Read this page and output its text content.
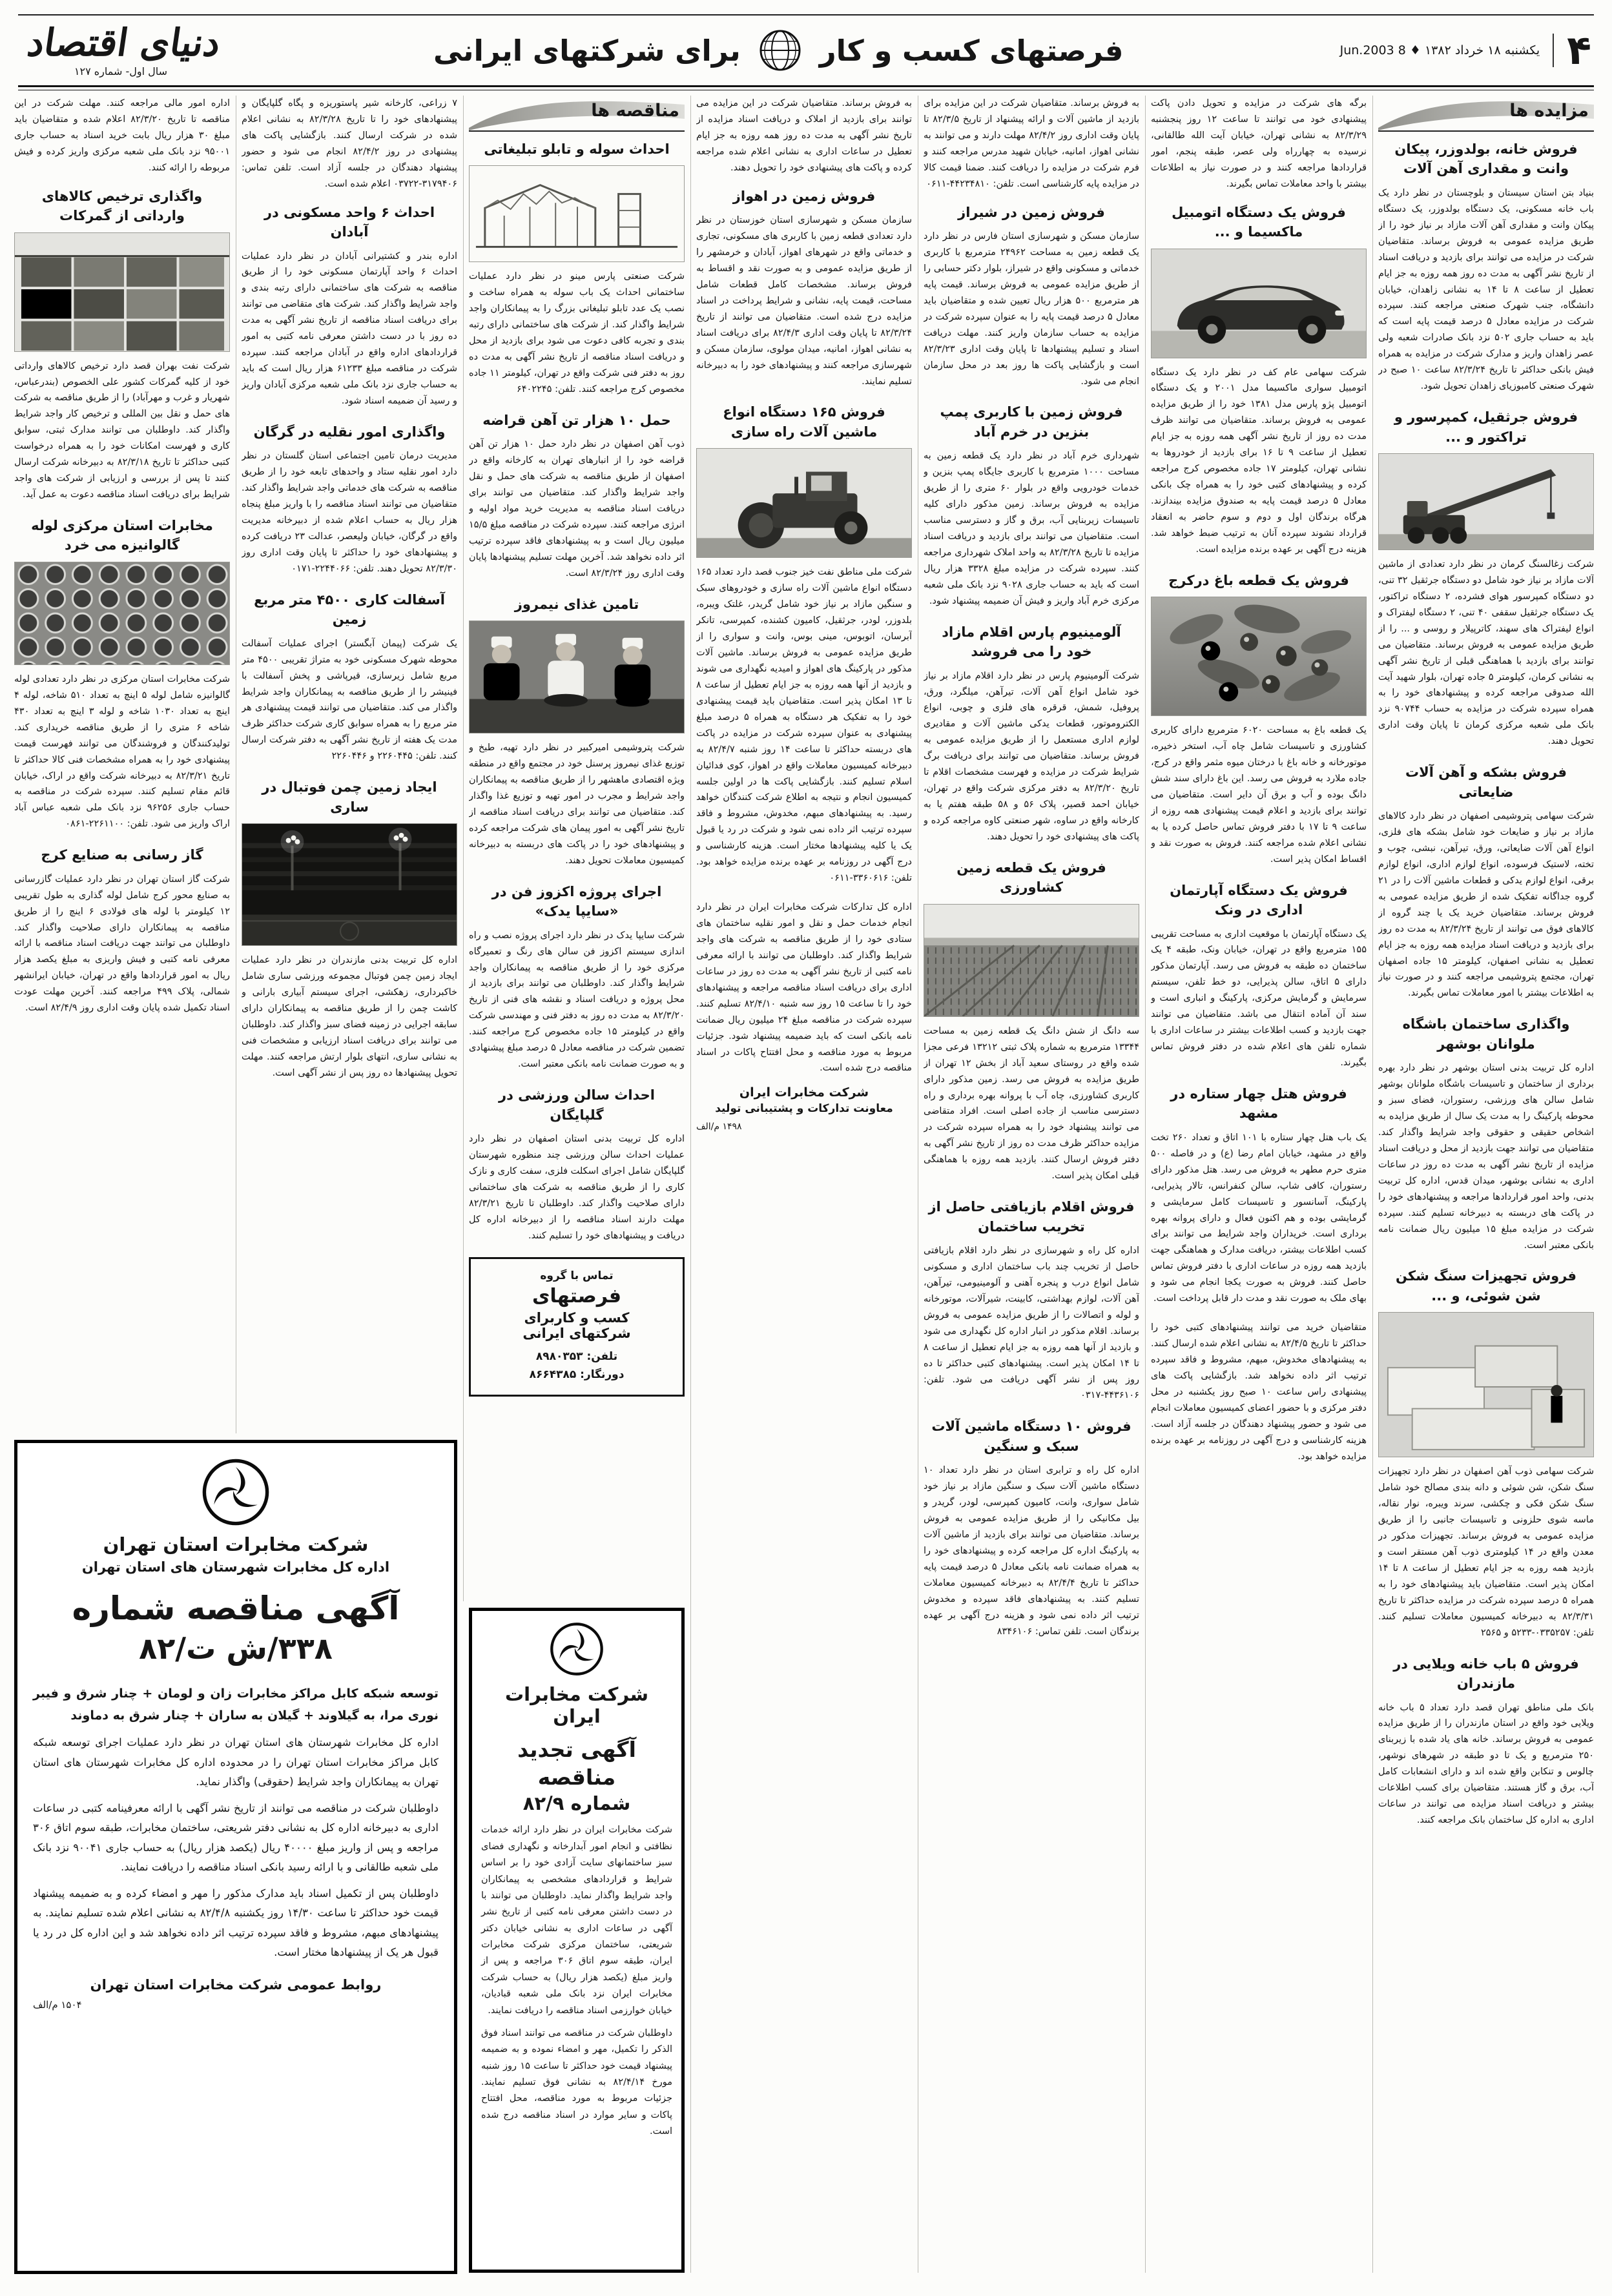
۴
یکشنبه ۱۸ خرداد ۱۳۸۲ ♦ 8 Jun.2003
فرصتهای کسب و کار
برای شرکتهای ایرانی
دنیای اقتصاد
سال اول- شماره ۱۲۷
مزایده ها
فروش خانه، بولدوزر، پیکان وانت و مقداری آهن آلات

بنیاد بتن استان سیستان و بلوچستان در نظر دارد یک باب خانه مسکونی، یک دستگاه بولدوزر، یک دستگاه پیکان وانت و مقداری آهن آلات مازاد بر نیاز خود را از طریق مزایده عمومی به فروش برساند. متقاضیان شرکت در مزایده می توانند برای بازدید و دریافت اسناد از تاریخ نشر آگهی به مدت ده روز همه روزه به جز ایام تعطیل از ساعت ۸ تا ۱۴ به نشانی زاهدان، خیابان دانشگاه، جنب شهرک صنعتی مراجعه کنند. سپرده شرکت در مزایده معادل ۵ درصد قیمت پایه است که باید به حساب جاری ۵۰۲ نزد بانک صادرات شعبه ولی عصر زاهدان واریز و مدارک شرکت در مزایده به همراه فیش بانکی حداکثر تا تاریخ ۸۲/۳/۲۴ ساعت ۱۰ صبح در شهرک صنعتی کامبوزیای زاهدان تحویل شود.

فروش جرثقیل، کمپرسور و تراکتور و ...

شرکت زغالسنگ کرمان در نظر دارد تعدادی از ماشین آلات مازاد بر نیاز خود شامل دو دستگاه جرثقیل ۳۲ تنی، دو دستگاه کمپرسور هوای فشرده، ۲ دستگاه تراکتور، یک دستگاه جرثقیل سقفی ۴۰ تنی، ۲ دستگاه لیفتراک و انواع لیفتراک های سهند، کاترپیلار و روسی و ... را از طریق مزایده عمومی به فروش برساند. متقاضیان می توانند برای بازدید با هماهنگی قبلی از تاریخ نشر آگهی به نشانی کرمان، کیلومتر ۵ جاده تهران، بلوار شهید آیت الله صدوقی مراجعه کرده و پیشنهادهای خود را به همراه سپرده شرکت در مزایده به حساب ۹۰۷۴۴ نزد بانک ملی شعبه مرکزی کرمان تا پایان وقت اداری تحویل دهند.

فروش بشکه و آهن آلات ضایعاتی

شرکت سهامی پتروشیمی اصفهان در نظر دارد کالاهای مازاد بر نیاز و ضایعات خود شامل بشکه های فلزی، انواع آهن آلات ضایعاتی، ورق، تیرآهن، نبشی، چوب و تخته، لاستیک فرسوده، انواع لوازم اداری، انواع لوازم برقی، انواع لوازم یدکی و قطعات ماشین آلات را در ۲۱ گروه جداگانه تفکیک شده از طریق مزایده عمومی به فروش برساند. متقاضیان خرید یک یا چند گروه از کالاهای فوق می توانند از تاریخ ۸۲/۳/۲۴ به مدت ده روز برای بازدید و دریافت اسناد مزایده همه روزه به جز ایام تعطیل به نشانی اصفهان، کیلومتر ۱۵ جاده اصفهان تهران، مجتمع پتروشیمی مراجعه کنند و در صورت نیاز به اطلاعات بیشتر با امور معاملات تماس بگیرند.

واگذاری ساختمان باشگاه ملوانان بوشهر

اداره کل تربیت بدنی استان بوشهر در نظر دارد بهره برداری از ساختمان و تاسیسات باشگاه ملوانان بوشهر شامل سالن های ورزشی، رستوران، فضای سبز و محوطه پارکینگ را به مدت یک سال از طریق مزایده به اشخاص حقیقی و حقوقی واجد شرایط واگذار کند. متقاضیان می توانند جهت بازدید از محل و دریافت اسناد مزایده از تاریخ نشر آگهی به مدت ده روز در ساعات اداری به نشانی بوشهر، میدان قدس، اداره کل تربیت بدنی، واحد امور قراردادها مراجعه و پیشنهادهای خود را در پاکت های دربسته به دبیرخانه تسلیم کنند. سپرده شرکت در مزایده مبلغ ۱۵ میلیون ریال ضمانت نامه بانکی معتبر است.

فروش تجهیزات سنگ شکن شن شوئی، و ...

شرکت سهامی ذوب آهن اصفهان در نظر دارد تجهیزات سنگ شکن، شن شوئی و دانه بندی مصالح خود شامل سنگ شکن فکی و چکشی، سرند ویبره، نوار نقاله، ماسه شوی حلزونی و تاسیسات جانبی را از طریق مزایده عمومی به فروش برساند. تجهیزات مذکور در معدن واقع در ۱۴ کیلومتری ذوب آهن مستقر است و بازدید همه روزه به جز ایام تعطیل از ساعت ۸ تا ۱۴ امکان پذیر است. متقاضیان باید پیشنهادهای خود را به همراه ۵ درصد سپرده شرکت در مزایده حداکثر تا تاریخ ۸۲/۳/۳۱ به دبیرخانه کمیسیون معاملات تسلیم کنند. تلفن: ۰۳۳۵۲۵۷-۵۲۳۳ و ۲۵۶۵

فروش ۵ باب خانه ویلایی در مازندران

بانک ملی مناطق تهران قصد دارد تعداد ۵ باب خانه ویلایی خود واقع در استان مازندران را از طریق مزایده عمومی به فروش برساند. خانه های یاد شده با زیربنای ۲۵۰ مترمربع و یک تا دو طبقه در شهرهای نوشهر، چالوس و تنکابن واقع شده اند و دارای انشعابات کامل آب، برق و گاز هستند. متقاضیان برای کسب اطلاعات بیشتر و دریافت اسناد مزایده می توانند در ساعات اداری به اداره کل ساختمان بانک مراجعه کنند.

برگه های شرکت در مزایده و تحویل دادن پاکت پیشنهادی خود می توانند تا ساعت ۱۲ روز پنجشنبه ۸۲/۳/۲۹ به نشانی تهران، خیابان آیت الله طالقانی، نرسیده به چهارراه ولی عصر، طبقه پنجم، امور قراردادها مراجعه کنند و در صورت نیاز به اطلاعات بیشتر با واحد معاملات تماس بگیرند.

فروش یک دستگاه اتومبیل ماکسیما و ...

شرکت سهامی عام کف در نظر دارد یک دستگاه اتومبیل سواری ماکسیما مدل ۲۰۰۱ و یک دستگاه اتومبیل پژو پارس مدل ۱۳۸۱ خود را از طریق مزایده عمومی به فروش برساند. متقاضیان می توانند ظرف مدت ده روز از تاریخ نشر آگهی همه روزه به جز ایام تعطیل از ساعت ۹ تا ۱۶ برای بازدید از خودروها به نشانی تهران، کیلومتر ۱۷ جاده مخصوص کرج مراجعه کرده و پیشنهادهای کتبی خود را به همراه چک بانکی معادل ۵ درصد قیمت پایه به صندوق مزایده بیندازند. هرگاه برندگان اول و دوم و سوم حاضر به انعقاد قرارداد نشوند سپرده آنان به ترتیب ضبط خواهد شد. هزینه درج آگهی بر عهده برنده مزایده است.

فروش یک قطعه باغ درکرج

یک قطعه باغ به مساحت ۶۰۲۰ مترمربع دارای کاربری کشاورزی و تاسیسات شامل چاه آب، استخر ذخیره، موتورخانه و خانه باغ با درختان میوه مثمر واقع در کرج، جاده ملارد به فروش می رسد. این باغ دارای سند شش دانگ بوده و آب و برق آن دایر است. متقاضیان می توانند برای بازدید و اعلام قیمت پیشنهادی همه روزه از ساعت ۹ تا ۱۷ با دفتر فروش تماس حاصل کرده یا به نشانی اعلام شده مراجعه کنند. فروش به صورت نقد و اقساط امکان پذیر است.

فروش یک دستگاه آپارتمان اداری در ونک

یک دستگاه آپارتمان با موقعیت اداری به مساحت تقریبی ۱۵۵ مترمربع واقع در تهران، خیابان ونک، طبقه ۴ یک ساختمان ده طبقه به فروش می رسد. آپارتمان مذکور دارای ۵ اتاق، سالن پذیرایی، دو خط تلفن، سیستم سرمایش و گرمایش مرکزی، پارکینگ و انباری است و سند آن آماده انتقال می باشد. متقاضیان می توانند جهت بازدید و کسب اطلاعات بیشتر در ساعات اداری با شماره تلفن های اعلام شده در دفتر فروش تماس بگیرند.

فروش هتل چهار ستاره در مشهد

یک باب هتل چهار ستاره با ۱۰۱ اتاق و تعداد ۲۶۰ تخت واقع در مشهد، خیابان امام رضا (ع) و در فاصله ۵۰۰ متری حرم مطهر به فروش می رسد. هتل مذکور دارای رستوران، کافی شاپ، سالن کنفرانس، تالار پذیرایی، پارکینگ، آسانسور و تاسیسات کامل سرمایشی و گرمایشی بوده و هم اکنون فعال و دارای پروانه بهره برداری است. خریداران واجد شرایط می توانند برای کسب اطلاعات بیشتر، دریافت مدارک و هماهنگی جهت بازدید همه روزه در ساعات اداری با دفتر فروش تماس حاصل کنند. فروش به صورت یکجا انجام می شود و بهای ملک به صورت نقد و مدت دار قابل پرداخت است.

متقاضیان خرید می توانند پیشنهادهای کتبی خود را حداکثر تا تاریخ ۸۲/۴/۵ به نشانی اعلام شده ارسال کنند. به پیشنهادهای مخدوش، مبهم، مشروط و فاقد سپرده ترتیب اثر داده نخواهد شد. بازگشایی پاکت های پیشنهادی راس ساعت ۱۰ صبح روز یکشنبه در محل دفتر مرکزی و با حضور اعضای کمیسیون معاملات انجام می شود و حضور پیشنهاد دهندگان در جلسه آزاد است. هزینه کارشناسی و درج آگهی در روزنامه بر عهده برنده مزایده خواهد بود.

به فروش برساند. متقاضیان شرکت در این مزایده برای بازدید از ماشین آلات و ارائه پیشنهاد از تاریخ ۸۲/۳/۵ تا پایان وقت اداری روز ۸۲/۴/۲ مهلت دارند و می توانند به نشانی اهواز، امانیه، خیابان شهید مدرس مراجعه کنند و فرم شرکت در مزایده را دریافت کنند. ضمنا قیمت کالا در مزایده پایه کارشناسی است. تلفن: ۴۴۲۳۴۸۱۰-۰۶۱۱

فروش زمین در شیراز

سازمان مسکن و شهرسازی استان فارس در نظر دارد یک قطعه زمین به مساحت ۲۴۹۶۲ مترمربع با کاربری خدماتی و مسکونی واقع در شیراز، بلوار دکتر حسابی را از طریق مزایده عمومی به فروش برساند. قیمت پایه هر مترمربع ۵۰۰ هزار ریال تعیین شده و متقاضیان باید معادل ۵ درصد قیمت پایه را به عنوان سپرده شرکت در مزایده به حساب سازمان واریز کنند. مهلت دریافت اسناد و تسلیم پیشنهادها تا پایان وقت اداری ۸۲/۳/۲۳ است و بازگشایی پاکت ها روز بعد در محل سازمان انجام می شود.

فروش زمین با کاربری پمپ بنزین در خرم آباد

شهرداری خرم آباد در نظر دارد یک قطعه زمین به مساحت ۱۰۰۰ مترمربع با کاربری جایگاه پمپ بنزین و خدمات خودرویی واقع در بلوار ۶۰ متری را از طریق مزایده به فروش برساند. زمین مذکور دارای کلیه تاسیسات زیربنایی آب، برق و گاز و دسترسی مناسب است. متقاضیان می توانند برای بازدید و دریافت اسناد مزایده تا تاریخ ۸۲/۳/۲۸ به واحد املاک شهرداری مراجعه کنند. سپرده شرکت در مزایده مبلغ ۳۳۲۸ هزار ریال است که باید به حساب جاری ۹۰۲۸ نزد بانک ملی شعبه مرکزی خرم آباد واریز و فیش آن ضمیمه پیشنهاد شود.

آلومینیوم پارس اقلام مازاد خود را می فروشد

شرکت آلومینیوم پارس در نظر دارد اقلام مازاد بر نیاز خود شامل انواع آهن آلات، تیرآهن، میلگرد، ورق، پروفیل، شمش، قرقره های فلزی و چوبی، انواع الکتروموتور، قطعات یدکی ماشین آلات و مقادیری لوازم اداری مستعمل را از طریق مزایده عمومی به فروش برساند. متقاضیان می توانند برای دریافت برگ شرایط شرکت در مزایده و فهرست مشخصات اقلام تا تاریخ ۸۲/۳/۲۰ به دفتر مرکزی شرکت واقع در تهران، خیابان احمد قصیر، پلاک ۵۶ و ۵۸ طبقه هفتم یا به کارخانه واقع در ساوه، شهر صنعتی کاوه مراجعه کرده و پاکت های پیشنهادی خود را تحویل دهند.

فروش یک قطعه زمین کشاورزی

سه دانگ از شش دانگ یک قطعه زمین به مساحت ۱۳۳۴۴ مترمربع به شماره پلاک ثبتی ۱۳۲۱۲ فرعی مجزا شده واقع در روستای سعید آباد از بخش ۱۲ تهران از طریق مزایده به فروش می رسد. زمین مذکور دارای کاربری کشاورزی، چاه آب با پروانه بهره برداری و راه دسترسی مناسب از جاده اصلی است. افراد متقاضی می توانند پیشنهاد خود را به همراه سپرده شرکت در مزایده حداکثر ظرف مدت ده روز از تاریخ نشر آگهی به دفتر فروش ارسال کنند. بازدید همه روزه با هماهنگی قبلی امکان پذیر است.

فروش اقلام بازیافتی حاصل از تخریب ساختمان

اداره کل راه و شهرسازی در نظر دارد اقلام بازیافتی حاصل از تخریب چند باب ساختمان اداری و مسکونی شامل انواع درب و پنجره آهنی و آلومینیومی، تیرآهن، آهن آلات، لوازم بهداشتی، کابینت، شیرآلات، موتورخانه و لوله و اتصالات را از طریق مزایده عمومی به فروش برساند. اقلام مذکور در انبار اداره کل نگهداری می شود و بازدید از آنها همه روزه به جز ایام تعطیل از ساعت ۸ تا ۱۴ امکان پذیر است. پیشنهادهای کتبی حداکثر تا ده روز پس از نشر آگهی دریافت می شود. تلفن: ۴۴۳۶۱۰۶-۰۳۱۷

فروش ۱۰ دستگاه ماشین آلات سبک و سنگین

اداره کل راه و ترابری استان در نظر دارد تعداد ۱۰ دستگاه ماشین آلات سبک و سنگین مازاد بر نیاز خود شامل سواری، وانت، کامیون کمپرسی، لودر، گریدر و بیل مکانیکی را از طریق مزایده عمومی به فروش برساند. متقاضیان می توانند برای بازدید از ماشین آلات به پارکینگ اداره کل مراجعه کرده و پیشنهادهای خود را به همراه ضمانت نامه بانکی معادل ۵ درصد قیمت پایه حداکثر تا تاریخ ۸۲/۴/۴ به دبیرخانه کمیسیون معاملات تسلیم کنند. به پیشنهادهای فاقد سپرده و مخدوش ترتیب اثر داده نمی شود و هزینه درج آگهی بر عهده برندگان است. تلفن تماس: ۸۳۴۶۱۰۶

به فروش برساند. متقاضیان شرکت در این مزایده می توانند برای بازدید از املاک و دریافت اسناد مزایده از تاریخ نشر آگهی به مدت ده روز همه روزه به جز ایام تعطیل در ساعات اداری به نشانی اعلام شده مراجعه کرده و پاکت های پیشنهادی خود را تحویل دهند.

فروش زمین در اهواز

سازمان مسکن و شهرسازی استان خوزستان در نظر دارد تعدادی قطعه زمین با کاربری های مسکونی، تجاری و خدماتی واقع در شهرهای اهواز، آبادان و خرمشهر را از طریق مزایده عمومی و به صورت نقد و اقساط به فروش برساند. مشخصات کامل قطعات شامل مساحت، قیمت پایه، نشانی و شرایط پرداخت در اسناد مزایده درج شده است. متقاضیان می توانند از تاریخ ۸۲/۳/۲۴ تا پایان وقت اداری ۸۲/۴/۳ برای دریافت اسناد به نشانی اهواز، امانیه، میدان مولوی، سازمان مسکن و شهرسازی مراجعه کنند و پیشنهادهای خود را به دبیرخانه تسلیم نمایند.

فروش ۱۶۵ دستگاه انواع ماشین آلات راه سازی

شرکت ملی مناطق نفت خیز جنوب قصد دارد تعداد ۱۶۵ دستگاه انواع ماشین آلات راه سازی و خودروهای سبک و سنگین مازاد بر نیاز خود شامل گریدر، غلتک ویبره، بلدوزر، لودر، جرثقیل، کامیون کشنده، کمپرسی، تانکر آبرسان، اتوبوس، مینی بوس، وانت و سواری را از طریق مزایده عمومی به فروش برساند. ماشین آلات مذکور در پارکینگ های اهواز و امیدیه نگهداری می شوند و بازدید از آنها همه روزه به جز ایام تعطیل از ساعت ۸ تا ۱۳ امکان پذیر است. متقاضیان باید قیمت پیشنهادی خود را به تفکیک هر دستگاه به همراه ۵ درصد مبلغ پیشنهادی به عنوان سپرده شرکت در مزایده در پاکت های دربسته حداکثر تا ساعت ۱۴ روز شنبه ۸۲/۴/۷ به دبیرخانه کمیسیون معاملات واقع در اهواز، کوی فدائیان اسلام تسلیم کنند. بازگشایی پاکت ها در اولین جلسه کمیسیون انجام و نتیجه به اطلاع شرکت کنندگان خواهد رسید. به پیشنهادهای مبهم، مخدوش، مشروط و فاقد سپرده ترتیب اثر داده نمی شود و شرکت در رد یا قبول یک یا کلیه پیشنهادها مختار است. هزینه کارشناسی و درج آگهی در روزنامه بر عهده برنده مزایده خواهد بود. تلفن: ۳۳۶۰۶۱۶-۰۶۱۱

اداره کل تدارکات شرکت مخابرات ایران در نظر دارد انجام خدمات حمل و نقل و امور نقلیه ساختمان های ستادی خود را از طریق مناقصه به شرکت های واجد شرایط واگذار کند. داوطلبان می توانند با ارائه معرفی نامه کتبی از تاریخ نشر آگهی به مدت ده روز در ساعات اداری برای دریافت اسناد مناقصه مراجعه و پیشنهادهای خود را تا ساعت ۱۵ روز سه شنبه ۸۲/۴/۱۰ تسلیم کنند. سپرده شرکت در مناقصه مبلغ ۲۴ میلیون ریال ضمانت نامه بانکی است که باید ضمیمه پیشنهاد شود. جزئیات مربوط به مورد مناقصه و محل افتتاح پاکات در اسناد مناقصه درج شده است.

شرکت مخابرات ایران
معاونت تدارکات و پشتیبانی تولید
۱۴۹۸ م/الف
مناقصه ها
احداث سوله و تابلو تبلیغاتی

شرکت صنعتی پارس مینو در نظر دارد عملیات ساختمانی احداث یک باب سوله به همراه ساخت و نصب یک عدد تابلو تبلیغاتی بزرگ را به پیمانکاران واجد شرایط واگذار کند. از شرکت های ساختمانی دارای رتبه بندی و تجربه کافی دعوت می شود برای بازدید از محل و دریافت اسناد مناقصه از تاریخ نشر آگهی به مدت ده روز به دفتر فنی شرکت واقع در تهران، کیلومتر ۱۱ جاده مخصوص کرج مراجعه کنند. تلفن: ۶۴۰۲۲۴۵

حمل ۱۰ هزار تن آهن قراضه

ذوب آهن اصفهان در نظر دارد حمل ۱۰ هزار تن آهن قراضه خود را از انبارهای تهران به کارخانه واقع در اصفهان از طریق مناقصه به شرکت های حمل و نقل واجد شرایط واگذار کند. متقاضیان می توانند برای دریافت اسناد مناقصه به مدیریت خرید مواد اولیه و انرژی مراجعه کنند. سپرده شرکت در مناقصه مبلغ ۱۵/۵ میلیون ریال است و به پیشنهادهای فاقد سپرده ترتیب اثر داده نخواهد شد. آخرین مهلت تسلیم پیشنهادها پایان وقت اداری روز ۸۲/۳/۲۴ است.

تامین غذای نیمروز

شرکت پتروشیمی امیرکبیر در نظر دارد تهیه، طبخ و توزیع غذای نیمروز پرسنل خود در مجتمع واقع در منطقه ویژه اقتصادی ماهشهر را از طریق مناقصه به پیمانکاران واجد شرایط و مجرب در امور تهیه و توزیع غذا واگذار کند. متقاضیان می توانند برای دریافت اسناد مناقصه از تاریخ نشر آگهی به امور پیمان های شرکت مراجعه کرده و پیشنهادهای خود را در پاکت های دربسته به دبیرخانه کمیسیون معاملات تحویل دهند.

اجرای پروژه اکزوز فن در «سایپا یدک»

شرکت سایپا یدک در نظر دارد اجرای پروژه نصب و راه اندازی سیستم اکزوز فن سالن های رنگ و تعمیرگاه مرکزی خود را از طریق مناقصه به پیمانکاران واجد شرایط واگذار کند. داوطلبان می توانند برای بازدید از محل پروژه و دریافت اسناد و نقشه های فنی از تاریخ ۸۲/۳/۲۰ به مدت ده روز به دفتر فنی و مهندسی شرکت واقع در کیلومتر ۱۵ جاده مخصوص کرج مراجعه کنند. تضمین شرکت در مناقصه معادل ۵ درصد مبلغ پیشنهادی و به صورت ضمانت نامه بانکی معتبر است.

احداث سالن ورزشی در گلپایگان

اداره کل تربیت بدنی استان اصفهان در نظر دارد عملیات احداث سالن ورزشی چند منظوره شهرستان گلپایگان شامل اجرای اسکلت فلزی، سفت کاری و نازک کاری را از طریق مناقصه به شرکت های ساختمانی دارای صلاحیت واگذار کند. داوطلبان تا تاریخ ۸۲/۳/۲۱ مهلت دارند اسناد مناقصه را از دبیرخانه اداره کل دریافت و پیشنهادهای خود را تسلیم کنند.

تماس با گروه
فرصتهای
کسب و کاربرای
شرکتهای ایرانی
تلفن: ۸۹۸۰۳۵۳
دورنگار: ۸۶۶۴۳۸۵

۷ زراعی، کارخانه شیر پاستوریزه و پگاه گلپایگان و پیشنهادهای خود را تا تاریخ ۸۲/۳/۲۸ به نشانی اعلام شده در شرکت ارسال کنند. بازگشایی پاکت های پیشنهادی در روز ۸۲/۴/۲ انجام می شود و حضور پیشنهاد دهندگان در جلسه آزاد است. تلفن تماس: ۳۱۷۹۴۰۶-۰۳۷۲۲ اعلام شده است.

احداث ۶ واحد مسکونی در آبادان

اداره بندر و کشتیرانی آبادان در نظر دارد عملیات احداث ۶ واحد آپارتمان مسکونی خود را از طریق مناقصه به شرکت های ساختمانی دارای رتبه بندی و واجد شرایط واگذار کند. شرکت های متقاضی می توانند برای دریافت اسناد مناقصه از تاریخ نشر آگهی به مدت ده روز با در دست داشتن معرفی نامه کتبی به امور قراردادهای اداره واقع در آبادان مراجعه کنند. سپرده شرکت در مناقصه مبلغ ۶۱۲۳۳ هزار ریال است که باید به حساب جاری نزد بانک ملی شعبه مرکزی آبادان واریز و رسید آن ضمیمه اسناد شود.

واگذاری امور نقلیه در گرگان

مدیریت درمان تامین اجتماعی استان گلستان در نظر دارد امور نقلیه ستاد و واحدهای تابعه خود را از طریق مناقصه به شرکت های خدماتی واجد شرایط واگذار کند. متقاضیان می توانند اسناد مناقصه را با واریز مبلغ پنجاه هزار ریال به حساب اعلام شده از دبیرخانه مدیریت واقع در گرگان، خیابان ولیعصر، عدالت ۲۳ دریافت کرده و پیشنهادهای خود را حداکثر تا پایان وقت اداری روز ۸۲/۳/۳۰ تحویل دهند. تلفن: ۲۲۴۴۰۶۶-۰۱۷۱

آسفالت کاری ۴۵۰۰ متر مربع زمین

یک شرکت (پیمان آبگستر) اجرای عملیات آسفالت محوطه شهرک مسکونی خود به متراژ تقریبی ۴۵۰۰ متر مربع شامل زیرسازی، قیرپاشی و پخش آسفالت با فینیشر را از طریق مناقصه به پیمانکاران واجد شرایط واگذار می کند. متقاضیان می توانند قیمت پیشنهادی هر متر مربع را به همراه سوابق کاری شرکت حداکثر ظرف مدت یک هفته از تاریخ نشر آگهی به دفتر شرکت ارسال کنند. تلفن: ۲۲۶۰۴۴۵ و ۲۲۶۰۴۴۶

ایجاد زمین چمن فوتبال در ساری

اداره کل تربیت بدنی مازندران در نظر دارد عملیات ایجاد زمین چمن فوتبال مجموعه ورزشی ساری شامل خاکبرداری، زهکشی، اجرای سیستم آبیاری بارانی و کاشت چمن را از طریق مناقصه به پیمانکاران دارای سابقه اجرایی در زمینه فضای سبز واگذار کند. داوطلبان می توانند برای دریافت اسناد ارزیابی و مشخصات فنی به نشانی ساری، انتهای بلوار ارتش مراجعه کنند. مهلت تحویل پیشنهادها ده روز پس از نشر آگهی است.

اداره امور مالی مراجعه کنند. مهلت شرکت در این مناقصه تا تاریخ ۸۲/۳/۲۰ اعلام شده و متقاضیان باید مبلغ ۳۰ هزار ریال بابت خرید اسناد به حساب جاری ۹۵۰۰۱ نزد بانک ملی شعبه مرکزی واریز کرده و فیش مربوطه را ارائه کنند.

واگذاری ترخیص کالاهای وارداتی از گمرکات

شرکت نفت بهران قصد دارد ترخیص کالاهای وارداتی خود از کلیه گمرکات کشور علی الخصوص (بندرعباس، شهریار و غرب و مهرآباد) را از طریق مناقصه به شرکت های حمل و نقل بین المللی و ترخیص کار واجد شرایط واگذار کند. داوطلبان می توانند مدارک ثبتی، سوابق کاری و فهرست امکانات خود را به همراه درخواست کتبی حداکثر تا تاریخ ۸۲/۳/۱۸ به دبیرخانه شرکت ارسال کنند تا پس از بررسی و ارزیابی از شرکت های واجد شرایط برای دریافت اسناد مناقصه دعوت به عمل آید.

مخابرات استان مرکزی لوله گالوانیزه می خرد

شرکت مخابرات استان مرکزی در نظر دارد تعدادی لوله گالوانیزه شامل لوله ۵ اینچ به تعداد ۵۱۰ شاخه، لوله ۴ اینچ به تعداد ۱۰۳۰ شاخه و لوله ۳ اینچ به تعداد ۴۳۰ شاخه ۶ متری را از طریق مناقصه خریداری کند. تولیدکنندگان و فروشندگان می توانند فهرست قیمت پیشنهادی خود را به همراه مشخصات فنی کالا حداکثر تا تاریخ ۸۲/۳/۲۱ به دبیرخانه شرکت واقع در اراک، خیابان قائم مقام تسلیم کنند. سپرده شرکت در مناقصه به حساب جاری ۹۶۲۵۶ نزد بانک ملی شعبه عباس آباد اراک واریز می شود. تلفن: ۲۲۶۱۱۰۰-۰۸۶۱

گاز رسانی به صنایع کرج

شرکت گاز استان تهران در نظر دارد عملیات گازرسانی به صنایع محور کرج شامل لوله گذاری به طول تقریبی ۱۲ کیلومتر با لوله های فولادی ۶ اینچ را از طریق مناقصه به پیمانکاران دارای صلاحیت واگذار کند. داوطلبان می توانند جهت دریافت اسناد مناقصه با ارائه معرفی نامه کتبی و فیش واریزی به مبلغ یکصد هزار ریال به امور قراردادها واقع در تهران، خیابان ایرانشهر شمالی، پلاک ۴۹۹ مراجعه کنند. آخرین مهلت عودت اسناد تکمیل شده پایان وقت اداری روز ۸۲/۴/۹ است.

شرکت مخابرات استان تهران
اداره کل مخابرات شهرستان های استان تهران
آگهی مناقصه شماره
۳۳۸/ش ت/۸۲

توسعه شبکه کابل مراکز مخابرات زان و لومان + چنار شرق و فیبر نوری مرا، به گیلاوند + گیلان به ساران + چنار شرق به دماوند

اداره کل مخابرات شهرستان های استان تهران در نظر دارد عملیات اجرای توسعه شبکه کابل مراکز مخابرات استان تهران را در محدوده اداره کل مخابرات شهرستان های استان تهران به پیمانکاران واجد شرایط (حقوقی) واگذار نماید.

داوطلبان شرکت در مناقصه می توانند از تاریخ نشر آگهی با ارائه معرفینامه کتبی در ساعات اداری به دبیرخانه اداره کل به نشانی دفتر شریعتی، ساختمان مخابرات، طبقه سوم اتاق ۳۰۶ مراجعه و پس از واریز مبلغ ۴۰۰۰۰ ریال (یکصد هزار ریال) به حساب جاری ۹۰۰۴۱ نزد بانک ملی شعبه طالقانی و با ارائه رسید بانکی اسناد مناقصه را دریافت نمایند.

داوطلبان پس از تکمیل اسناد باید مدارک مذکور را مهر و امضاء کرده و به ضمیمه پیشنهاد قیمت خود حداکثر تا ساعت ۱۴/۳۰ روز یکشنبه ۸۲/۴/۸ به نشانی اعلام شده تسلیم نمایند. به پیشنهادهای مبهم، مشروط و فاقد سپرده ترتیب اثر داده نخواهد شد و این اداره کل در رد یا قبول هر یک از پیشنهادها مختار است.

روابط عمومی شرکت مخابرات استان تهران
۱۵۰۴ م/الف
شرکت مخابرات ایران
آگهی تجدید مناقصه
شماره ۸۲/۹

شرکت مخابرات ایران در نظر دارد ارائه خدمات نظافتی و انجام امور آبدارخانه و نگهداری فضای سبز ساختمانهای سایت آزادی خود را بر اساس شرایط و قراردادهای مشخصی به پیمانکاران واجد شرایط واگذار نماید. داوطلبان می توانند با در دست داشتن معرفی نامه کتبی از تاریخ نشر آگهی در ساعات اداری به نشانی خیابان دکتر شریعتی، ساختمان مرکزی شرکت مخابرات ایران، طبقه سوم اتاق ۳۰۶ مراجعه و پس از واریز مبلغ (یکصد هزار ریال) به حساب شرکت مخابرات ایران نزد بانک ملی شعبه قبادیان، خیابان خوارزمی اسناد مناقصه را دریافت نمایند.

داوطلبان شرکت در مناقصه می توانند اسناد فوق الذکر را تکمیل، مهر و امضاء نموده و به ضمیمه پیشنهاد قیمت خود حداکثر تا ساعت ۱۵ روز شنبه مورخ ۸۲/۴/۱۴ به نشانی فوق تسلیم نمایند. جزئیات مربوط به مورد مناقصه، محل افتتاح پاکات و سایر موارد در اسناد مناقصه درج شده است.
